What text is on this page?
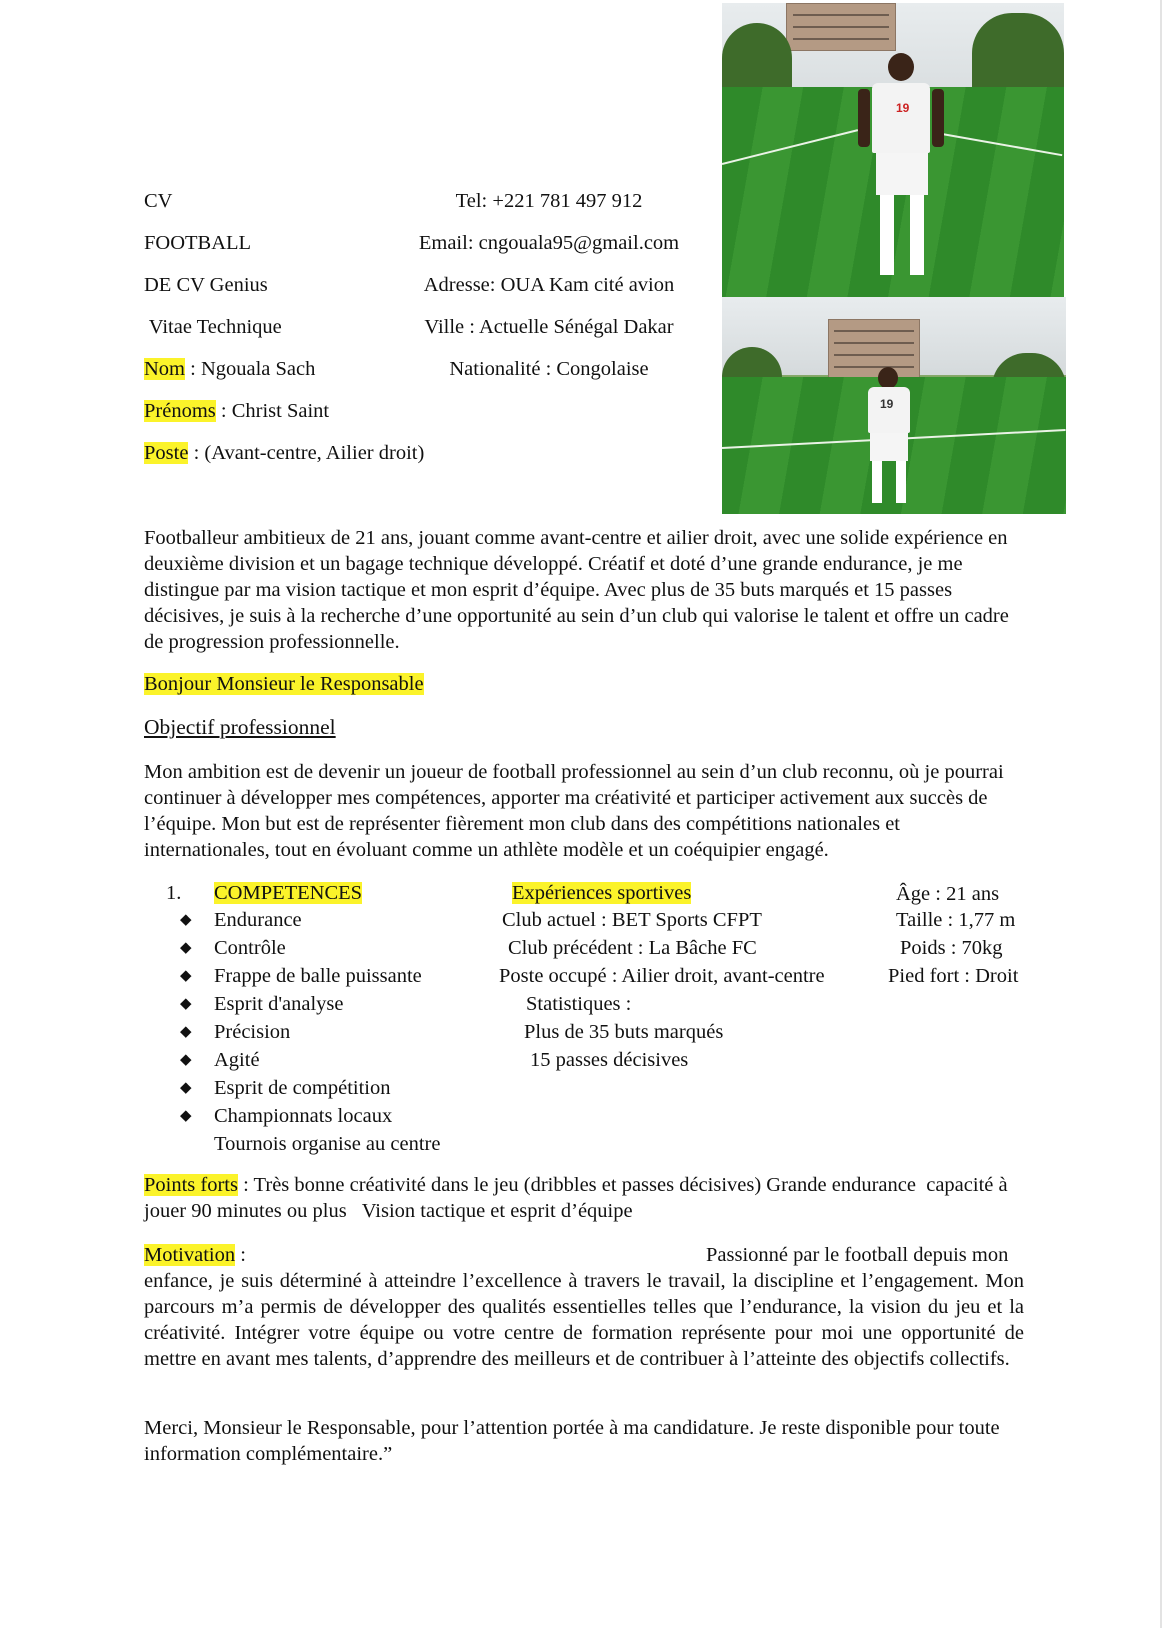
CV
FOOTBALL
DE CV Genius
Vitae Technique
Tel: +221 781 497 912
Email: cngouala95@gmail.com
Adresse: OUA Kam cité avion
Ville : Actuelle Sénégal Dakar
Nationalité : Congolaise
Nom : Ngouala Sach
Prénoms : Christ Saint
Poste : (Avant-centre, Ailier droit)
19
19
Footballeur ambitieux de 21 ans, jouant comme avant-centre et ailier droit, avec une solide expérience en deuxième division et un bagage technique développé. Créatif et doté d’une grande endurance, je me distingue par ma vision tactique et mon esprit d’équipe. Avec plus de 35 buts marqués et 15 passes décisives, je suis à la recherche d’une opportunité au sein d’un club qui valorise le talent et offre un cadre de progression professionnelle.
Bonjour Monsieur le Responsable
Objectif professionnel
Mon ambition est de devenir un joueur de football professionnel au sein d’un club reconnu, où je pourrai continuer à développer mes compétences, apporter ma créativité et participer activement aux succès de l’équipe. Mon but est de représenter fièrement mon club dans des compétitions nationales et internationales, tout en évoluant comme un athlète modèle et un coéquipier engagé.
1. COMPETENCES	Expériences sportives
◆ Endurance
◆ Contrôle
◆ Frappe de balle puissante
◆ Esprit d'analyse
◆ Précision
◆ Agité
◆ Esprit de compétition
◆ Championnats locaux
Tournois organise au centre
Club actuel : BET Sports CFPT
Club précédent : La Bâche FC
Poste occupé : Ailier droit, avant-centre
Statistiques :
Plus de 35 buts marqués
15 passes décisives
Âge : 21 ans
Taille : 1,77 m
Poids : 70kg
Pied fort : Droit
Points forts : Très bonne créativité dans le jeu (dribbles et passes décisives) Grande endurance  capacité à jouer 90 minutes ou plus   Vision tactique et esprit d’équipe
Motivation :	Passionné par le football depuis mon
enfance, je suis déterminé à atteindre l’excellence à travers le travail, la discipline et l’engagement. Mon parcours m’a permis de développer des qualités essentielles telles que l’endurance, la vision du jeu et la créativité. Intégrer votre équipe ou votre centre de formation représente pour moi une opportunité de mettre en avant mes talents, d’apprendre des meilleurs et de contribuer à l’atteinte des objectifs collectifs.
Merci, Monsieur le Responsable, pour l’attention portée à ma candidature. Je reste disponible pour toute information complémentaire.”
